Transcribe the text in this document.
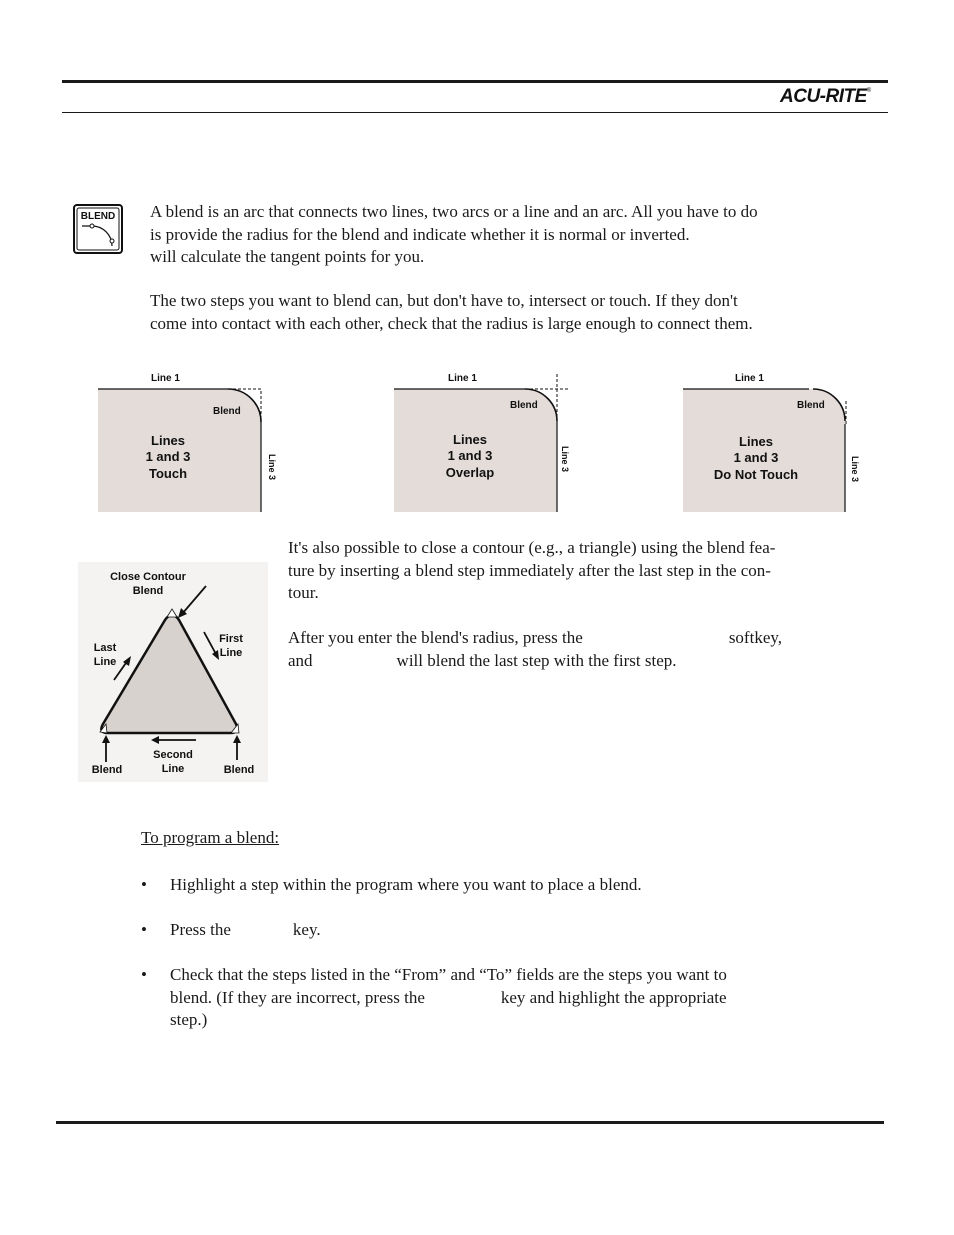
ACU-RITE®
BLEND A blend is an arc that connects two lines, two arcs or a line and an arc. All you have to do
is provide the radius for the blend and indicate whether it is normal or inverted.
will calculate the tangent points for you.

The two steps you want to blend can, but don't have to, intersect or touch. If they don't
come into contact with each other, check that the radius is large enough to connect them.

Line 1
Blend
Line 3
Lines
1 and 3
Touch
Line 1
Blend
Line 3
Lines
1 and 3
Overlap
Line 1
Blend
Line 3
Lines
1 and 3
Do Not Touch
Close Contour
Blend
Last
Line
First
Line
Second
Line
Blend	Blend

It's also possible to close a contour (e.g., a triangle) using the blend fea-
ture by inserting a blend step immediately after the last step in the con-
tour.

After you enter the blend's radius, press the	softkey,
and	will blend the last step with the first step.

To program a blend:

• Highlight a step within the program where you want to place a blend.
• Press the	key.
• Check that the steps listed in the “From” and “To” fields are the steps you want to
blend. (If they are incorrect, press the	key and highlight the appropriate
step.)
